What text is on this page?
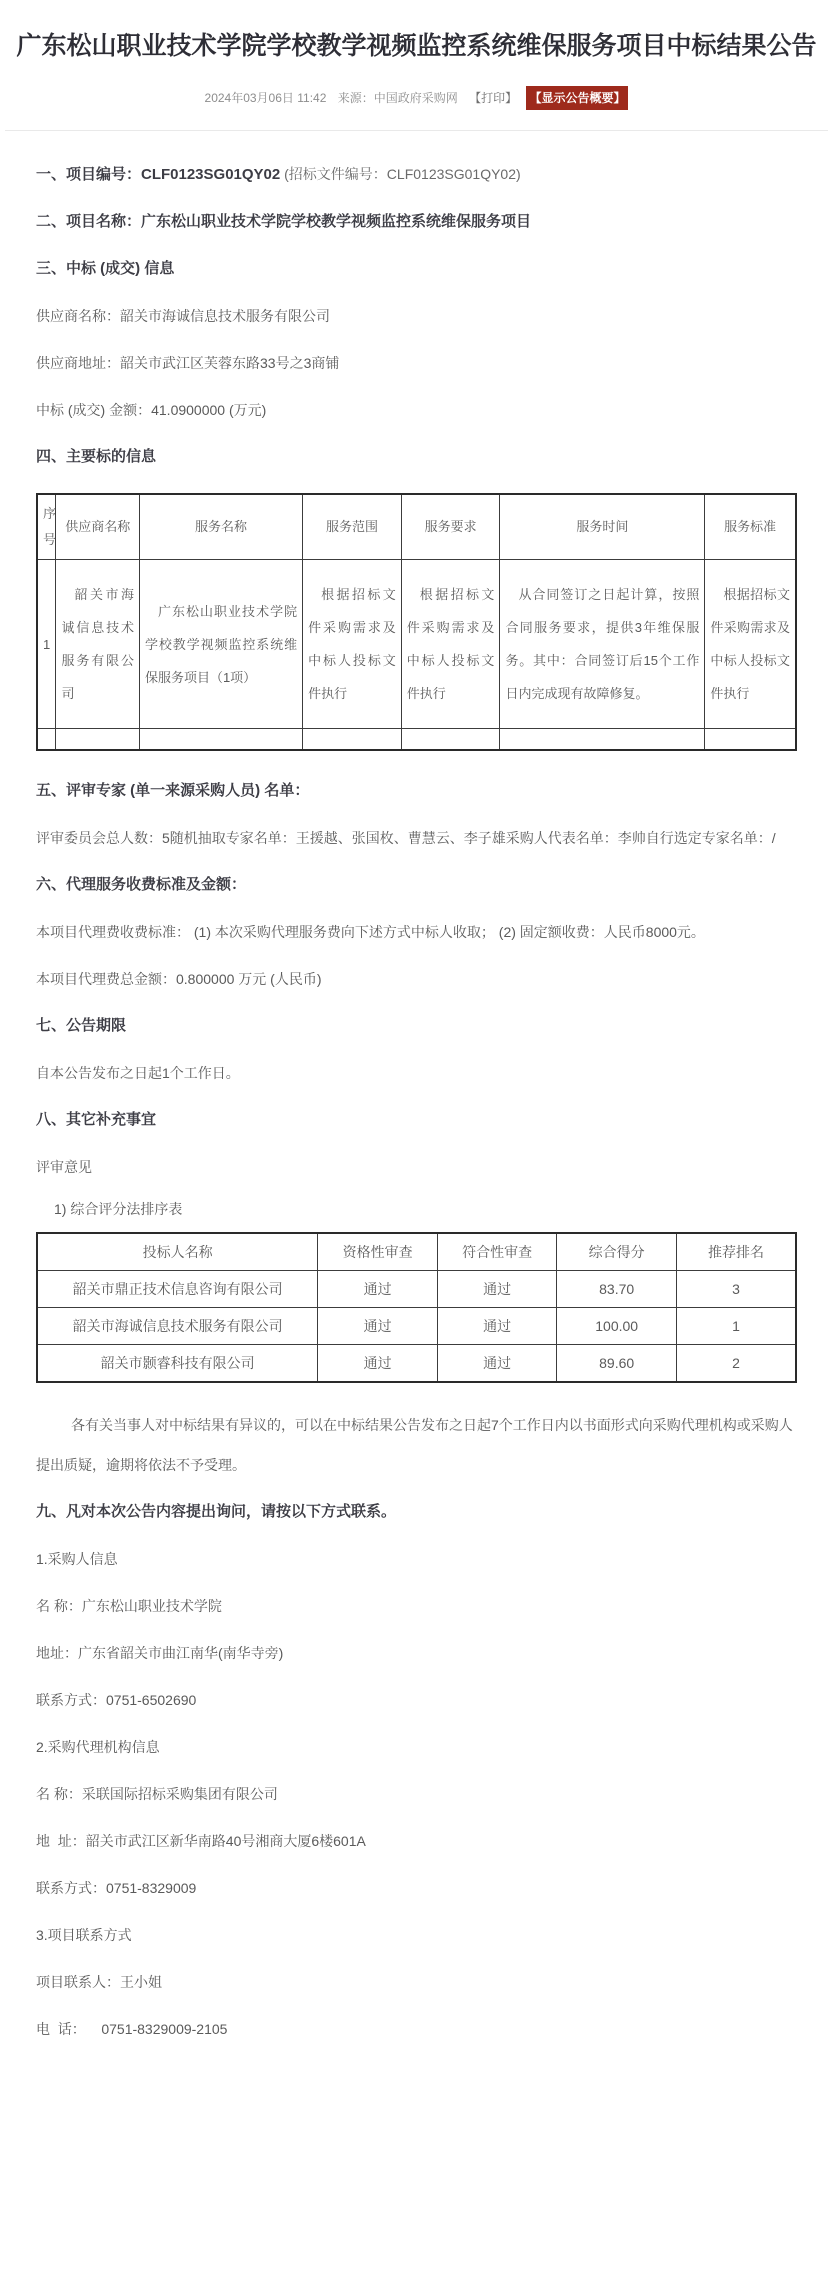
广东松山职业技术学院学校教学视频监控系统维保服务项目中标结果公告
2024年03月06日 11:42 来源：中国政府采购网 【打印】 【显示公告概要】

一、项目编号：CLF0123SG01QY02 (招标文件编号：CLF0123SG01QY02)

二、项目名称：广东松山职业技术学院学校教学视频监控系统维保服务项目

三、中标 (成交) 信息

供应商名称：韶关市海诚信息技术服务有限公司

供应商地址：韶关市武江区芙蓉东路33号之3商铺

中标 (成交) 金额：41.0900000 (万元)

四、主要标的信息

序号	供应商名称	服务名称	服务范围	服务要求	服务时间	服务标准
1	韶关市海诚信息技术服务有限公司	广东松山职业技术学院学校教学视频监控系统维保服务项目（1项）	根据招标文件采购需求及中标人投标文件执行	根据招标文件采购需求及中标人投标文件执行	从合同签订之日起计算，按照合同服务要求，提供3年维保服务。其中：合同签订后15个工作日内完成现有故障修复。	根据招标文件采购需求及中标人投标文件执行

五、评审专家 (单一来源采购人员) 名单：

评审委员会总人数：5随机抽取专家名单：王援越、张国枚、曹慧云、李子雄采购人代表名单：李帅自行选定专家名单：/

六、代理服务收费标准及金额：

本项目代理费收费标准： (1) 本次采购代理服务费向下述方式中标人收取； (2) 固定额收费：人民币8000元。

本项目代理费总金额：0.800000 万元 (人民币)

七、公告期限

自本公告发布之日起1个工作日。

八、其它补充事宜

评审意见

1) 综合评分法排序表

投标人名称	资格性审查	符合性审查	综合得分	推荐排名
韶关市鼎正技术信息咨询有限公司	通过	通过	83.70	3
韶关市海诚信息技术服务有限公司	通过	通过	100.00	1
韶关市颢睿科技有限公司	通过	通过	89.60	2

各有关当事人对中标结果有异议的，可以在中标结果公告发布之日起7个工作日内以书面形式向采购代理机构或采购人提出质疑，逾期将依法不予受理。

九、凡对本次公告内容提出询问，请按以下方式联系。

1.采购人信息

名 称：广东松山职业技术学院

地址：广东省韶关市曲江南华(南华寺旁)

联系方式：0751-6502690

2.采购代理机构信息

名 称：采联国际招标采购集团有限公司

地  址：韶关市武江区新华南路40号湘商大厦6楼601A

联系方式：0751-8329009

3.项目联系方式

项目联系人：王小姐

电  话：    0751-8329009-2105
